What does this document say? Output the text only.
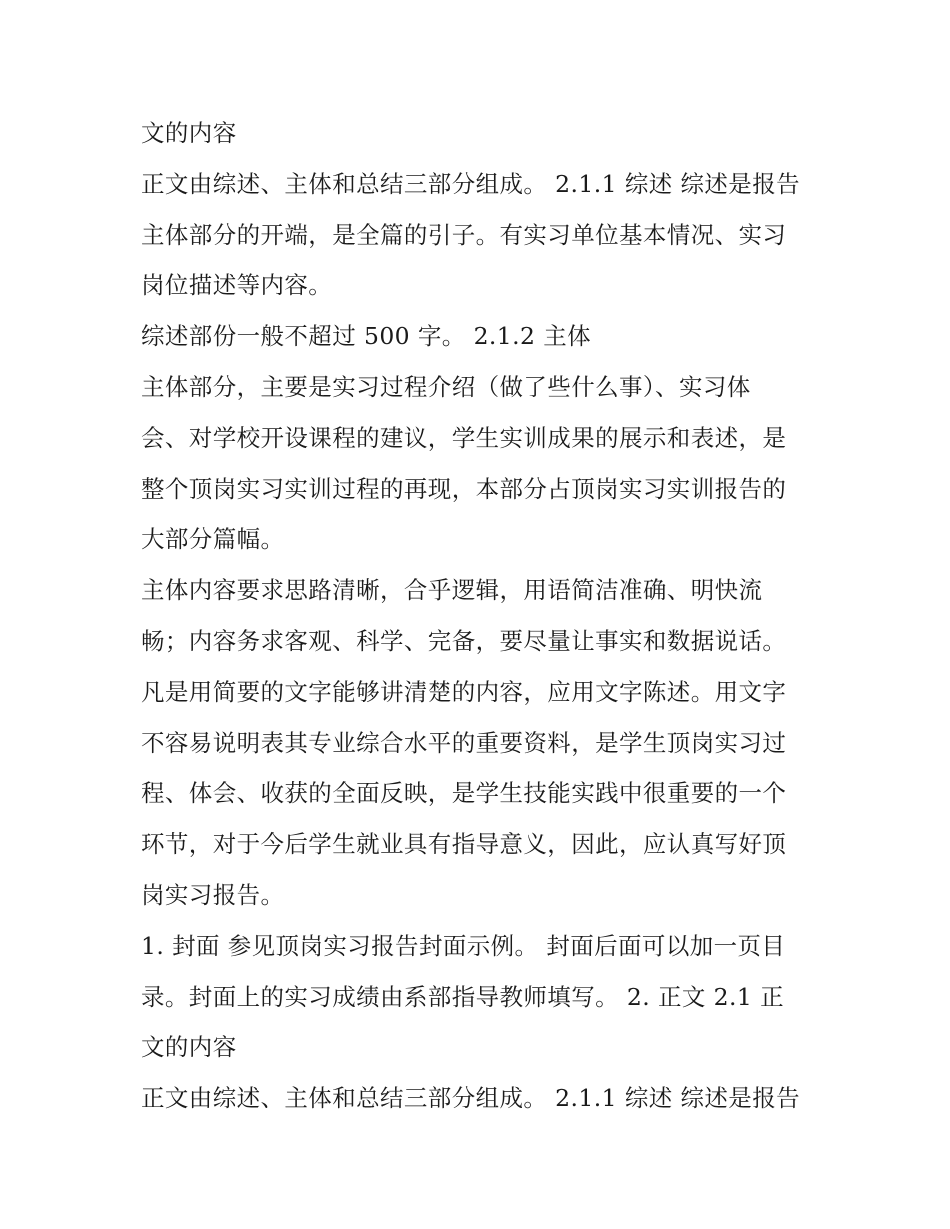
文的内容
正文由综述、主体和总结三部分组成。 2.1.1 综述 综述是报告
主体部分的开端，是全篇的引子。有实习单位基本情况、实习
岗位描述等内容。
综述部份一般不超过 500 字。 2.1.2 主体
主体部分，主要是实习过程介绍（做了些什么事）、实习体
会、对学校开设课程的建议，学生实训成果的展示和表述，是
整个顶岗实习实训过程的再现，本部分占顶岗实习实训报告的
大部分篇幅。
主体内容要求思路清晰，合乎逻辑，用语简洁准确、明快流
畅；内容务求客观、科学、完备，要尽量让事实和数据说话。
凡是用简要的文字能够讲清楚的内容，应用文字陈述。用文字
不容易说明表其专业综合水平的重要资料，是学生顶岗实习过
程、体会、收获的全面反映，是学生技能实践中很重要的一个
环节，对于今后学生就业具有指导意义，因此，应认真写好顶
岗实习报告。
1. 封面 参见顶岗实习报告封面示例。 封面后面可以加一页目
录。封面上的实习成绩由系部指导教师填写。 2. 正文 2.1 正
文的内容
正文由综述、主体和总结三部分组成。 2.1.1 综述 综述是报告
